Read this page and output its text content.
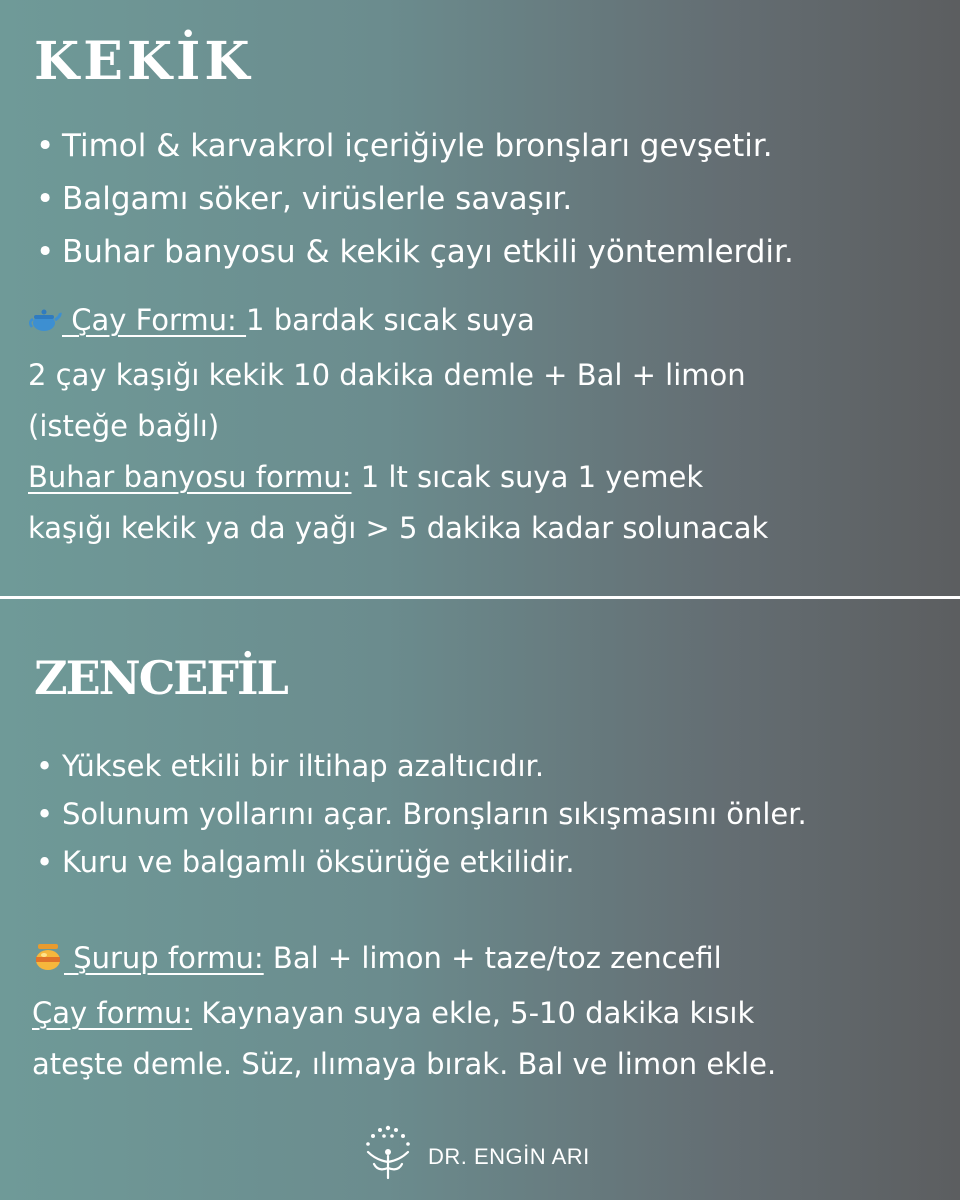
KEKİK
• Timol & karvakrol içeriğiyle bronşları gevşetir.
• Balgamı söker, virüslerle savaşır.
• Buhar banyosu & kekik çayı etkili yöntemlerdir.
Çay Formu: 1 bardak sıcak suya
2 çay kaşığı kekik 10 dakika demle + Bal + limon
(isteğe bağlı)
Buhar banyosu formu: 1 lt sıcak suya 1 yemek
kaşığı kekik ya da yağı > 5 dakika kadar solunacak
ZENCEFİL
• Yüksek etkili bir iltihap azaltıcıdır.
• Solunum yollarını açar. Bronşların sıkışmasını önler.
• Kuru ve balgamlı öksürüğe etkilidir.
Şurup formu: Bal + limon + taze/toz zencefil
Çay formu: Kaynayan suya ekle, 5-10 dakika kısık
ateşte demle. Süz, ılımaya bırak. Bal ve limon ekle.
DR. ENGİN ARI
